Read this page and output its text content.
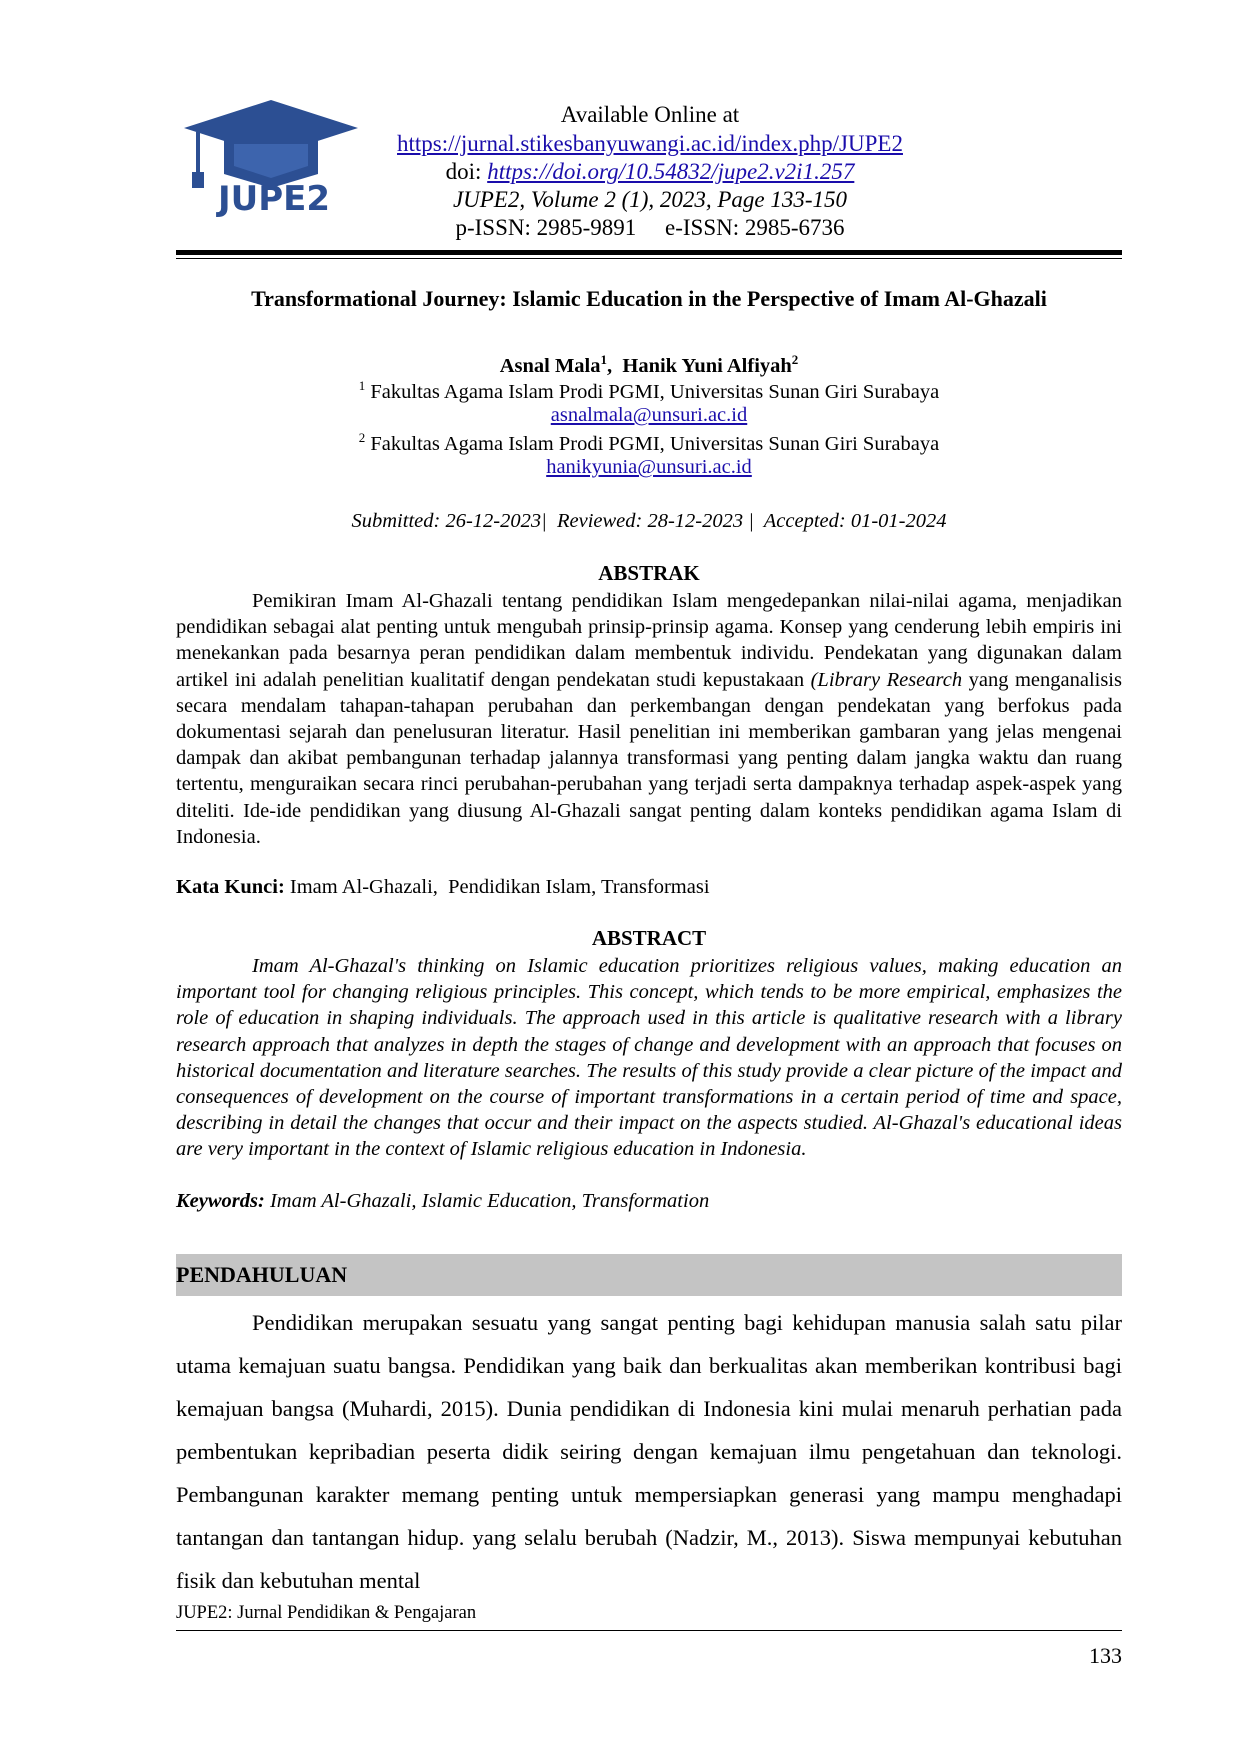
JUPE2
Available Online at
https://jurnal.stikesbanyuwangi.ac.id/index.php/JUPE2
doi: https://doi.org/10.54832/jupe2.v2i1.257
JUPE2, Volume 2 (1), 2023, Page 133-150
p-ISSN: 2985-9891     e-ISSN: 2985-6736
Transformational Journey: Islamic Education in the Perspective of Imam Al-Ghazali
Asnal Mala$^1$,  Hanik Yuni Alfiyah$^2$
$^1$ Fakultas Agama Islam Prodi PGMI, Universitas Sunan Giri Surabaya
asnalmala@unsuri.ac.id
$^2$ Fakultas Agama Islam Prodi PGMI, Universitas Sunan Giri Surabaya
hanikyunia@unsuri.ac.id
Submitted: 26-12-2023|  Reviewed: 28-12-2023 |  Accepted: 01-01-2024
ABSTRAK

Pemikiran Imam Al-Ghazali tentang pendidikan Islam mengedepankan nilai-nilai agama, menjadikan pendidikan sebagai alat penting untuk mengubah prinsip-prinsip agama. Konsep yang cenderung lebih empiris ini menekankan pada besarnya peran pendidikan dalam membentuk individu. Pendekatan yang digunakan dalam artikel ini adalah penelitian kualitatif dengan pendekatan studi kepustakaan (Library Research yang menganalisis secara mendalam tahapan-tahapan perubahan dan perkembangan dengan pendekatan yang berfokus pada dokumentasi sejarah dan penelusuran literatur. Hasil penelitian ini memberikan gambaran yang jelas mengenai dampak dan akibat pembangunan terhadap jalannya transformasi yang penting dalam jangka waktu dan ruang tertentu, menguraikan secara rinci perubahan-perubahan yang terjadi serta dampaknya terhadap aspek-aspek yang diteliti. Ide-ide pendidikan yang diusung Al-Ghazali sangat penting dalam konteks pendidikan agama Islam di Indonesia.

Kata Kunci: Imam Al-Ghazali,  Pendidikan Islam, Transformasi
ABSTRACT

Imam Al-Ghazal's thinking on Islamic education prioritizes religious values, making education an important tool for changing religious principles. This concept, which tends to be more empirical, emphasizes the role of education in shaping individuals. The approach used in this article is qualitative research with a library research approach that analyzes in depth the stages of change and development with an approach that focuses on historical documentation and literature searches. The results of this study provide a clear picture of the impact and consequences of development on the course of important transformations in a certain period of time and space, describing in detail the changes that occur and their impact on the aspects studied. Al-Ghazal's educational ideas are very important in the context of Islamic religious education in Indonesia.

Keywords: Imam Al-Ghazali, Islamic Education, Transformation
PENDAHULUAN

Pendidikan merupakan sesuatu yang sangat penting bagi kehidupan manusia salah satu pilar utama kemajuan suatu bangsa. Pendidikan yang baik dan berkualitas akan memberikan kontribusi bagi kemajuan bangsa (Muhardi, 2015). Dunia pendidikan di Indonesia kini mulai menaruh perhatian pada pembentukan kepribadian peserta didik seiring dengan kemajuan ilmu pengetahuan dan teknologi. Pembangunan karakter memang penting untuk mempersiapkan generasi yang mampu menghadapi tantangan dan tantangan hidup. yang selalu berubah (Nadzir, M., 2013). Siswa mempunyai kebutuhan fisik dan kebutuhan mental

JUPE2: Jurnal Pendidikan & Pengajaran
133
